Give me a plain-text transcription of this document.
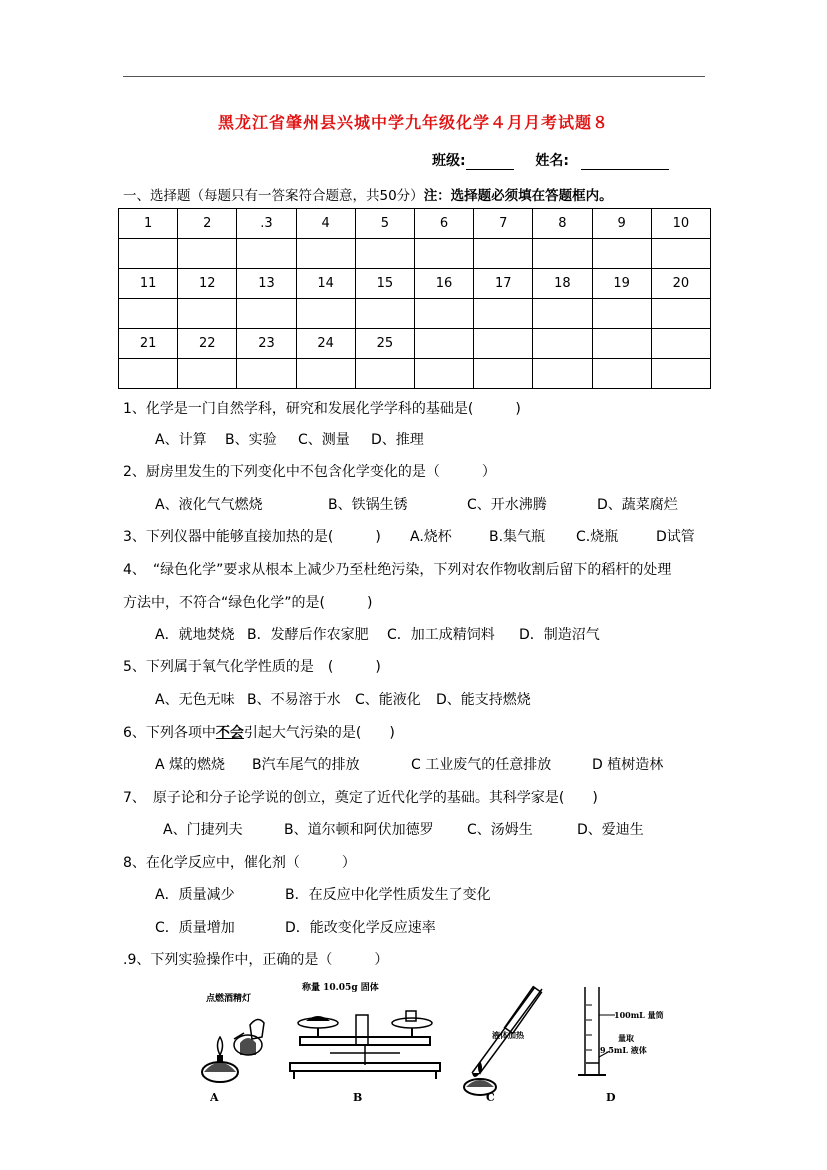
黑龙江省肇州县兴城中学九年级化学４月月考试题８
班级:	姓名:
一、选择题（每题只有一答案符合题意，共50分）注：选择题必须填在答题框内。
1	2	.3	4	5	6	7	8	9	10

11	12	13	14	15	16	17	18	19	20

21	22	23	24	25					

1、化学是一门自然学科，研究和发展化学学科的基础是(　　　)
A、计算 B、实验 C、测量 D、推理
2、厨房里发生的下列变化中不包含化学变化的是（　　　）
A、液化气气燃烧	B、铁锅生锈	C、开水沸腾	D、蔬菜腐烂
3、下列仪器中能够直接加热的是(　　　) A.烧杯	B.集气瓶 C.烧瓶	D试管
4、　“绿色化学”要求从根本上减少乃至杜绝污染，下列对农作物收割后留下的稻杆的处理
方法中，不符合“绿色化学”的是(　　　)
A．就地焚烧 B．发酵后作农家肥 C．加工成精饲料 D．制造沼气
5、下列属于氧气化学性质的是　(　　　)
A、无色无味 B、不易溶于水 C、能液化 D、能支持燃烧
6、下列各项中不会引起大气污染的是(　　)
A 煤的燃烧 B汽车尾气的排放	C 工业废气的任意排放	D 植树造林
7、　原子论和分子论学说的创立，奠定了近代化学的基础。其科学家是(　　)
A、门捷列夫	B、道尔顿和阿伏加德罗 C、汤姆生	D、爱迪生
8、在化学反应中，催化剂（　　　）
A．质量减少	B．在反应中化学性质发生了变化
C．质量增加	D．能改变化学反应速率
.9、下列实验操作中，正确的是（　　　）
点燃酒精灯
A
称量 10.05g 固体
B
液体加热
C
100mL 量筒
量取
9.5mL 液体
D
